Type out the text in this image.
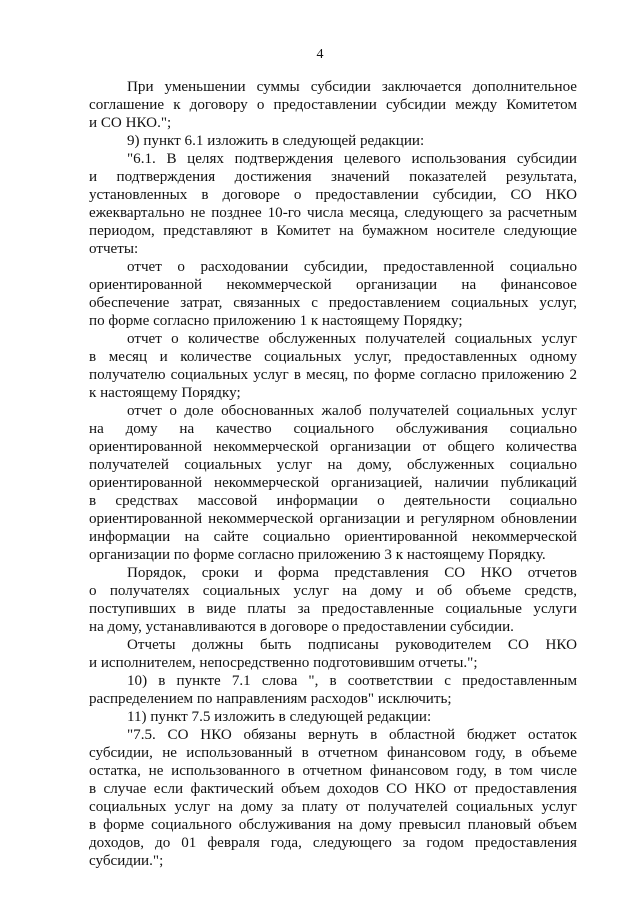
4
При уменьшении суммы субсидии заключается дополнительное
соглашение к договору о предоставлении субсидии между Комитетом
и СО НКО.";
9) пункт 6.1 изложить в следующей редакции:
"6.1. В целях подтверждения целевого использования субсидии
и подтверждения достижения значений показателей результата,
установленных в договоре о предоставлении субсидии, СО НКО
ежеквартально не позднее 10-го числа месяца, следующего за расчетным
периодом, представляют в Комитет на бумажном носителе следующие
отчеты:
отчет о расходовании субсидии, предоставленной социально
ориентированной некоммерческой организации на финансовое
обеспечение затрат, связанных с предоставлением социальных услуг,
по форме согласно приложению 1 к настоящему Порядку;
отчет о количестве обслуженных получателей социальных услуг
в месяц и количестве социальных услуг, предоставленных одному
получателю социальных услуг в месяц, по форме согласно приложению 2
к настоящему Порядку;
отчет о доле обоснованных жалоб получателей социальных услуг
на дому на качество социального обслуживания социально
ориентированной некоммерческой организации от общего количества
получателей социальных услуг на дому, обслуженных социально
ориентированной некоммерческой организацией, наличии публикаций
в средствах массовой информации о деятельности социально
ориентированной некоммерческой организации и регулярном обновлении
информации на сайте социально ориентированной некоммерческой
организации по форме согласно приложению 3 к настоящему Порядку.
Порядок, сроки и форма представления СО НКО отчетов
о получателях социальных услуг на дому и об объеме средств,
поступивших в виде платы за предоставленные социальные услуги
на дому, устанавливаются в договоре о предоставлении субсидии.
Отчеты должны быть подписаны руководителем СО НКО
и исполнителем, непосредственно подготовившим отчеты.";
10) в пункте 7.1 слова ", в соответствии с предоставленным
распределением по направлениям расходов" исключить;
11) пункт 7.5 изложить в следующей редакции:
"7.5. СО НКО обязаны вернуть в областной бюджет остаток
субсидии, не использованный в отчетном финансовом году, в объеме
остатка, не использованного в отчетном финансовом году, в том числе
в случае если фактический объем доходов СО НКО от предоставления
социальных услуг на дому за плату от получателей социальных услуг
в форме социального обслуживания на дому превысил плановый объем
доходов, до 01 февраля года, следующего за годом предоставления
субсидии.";
